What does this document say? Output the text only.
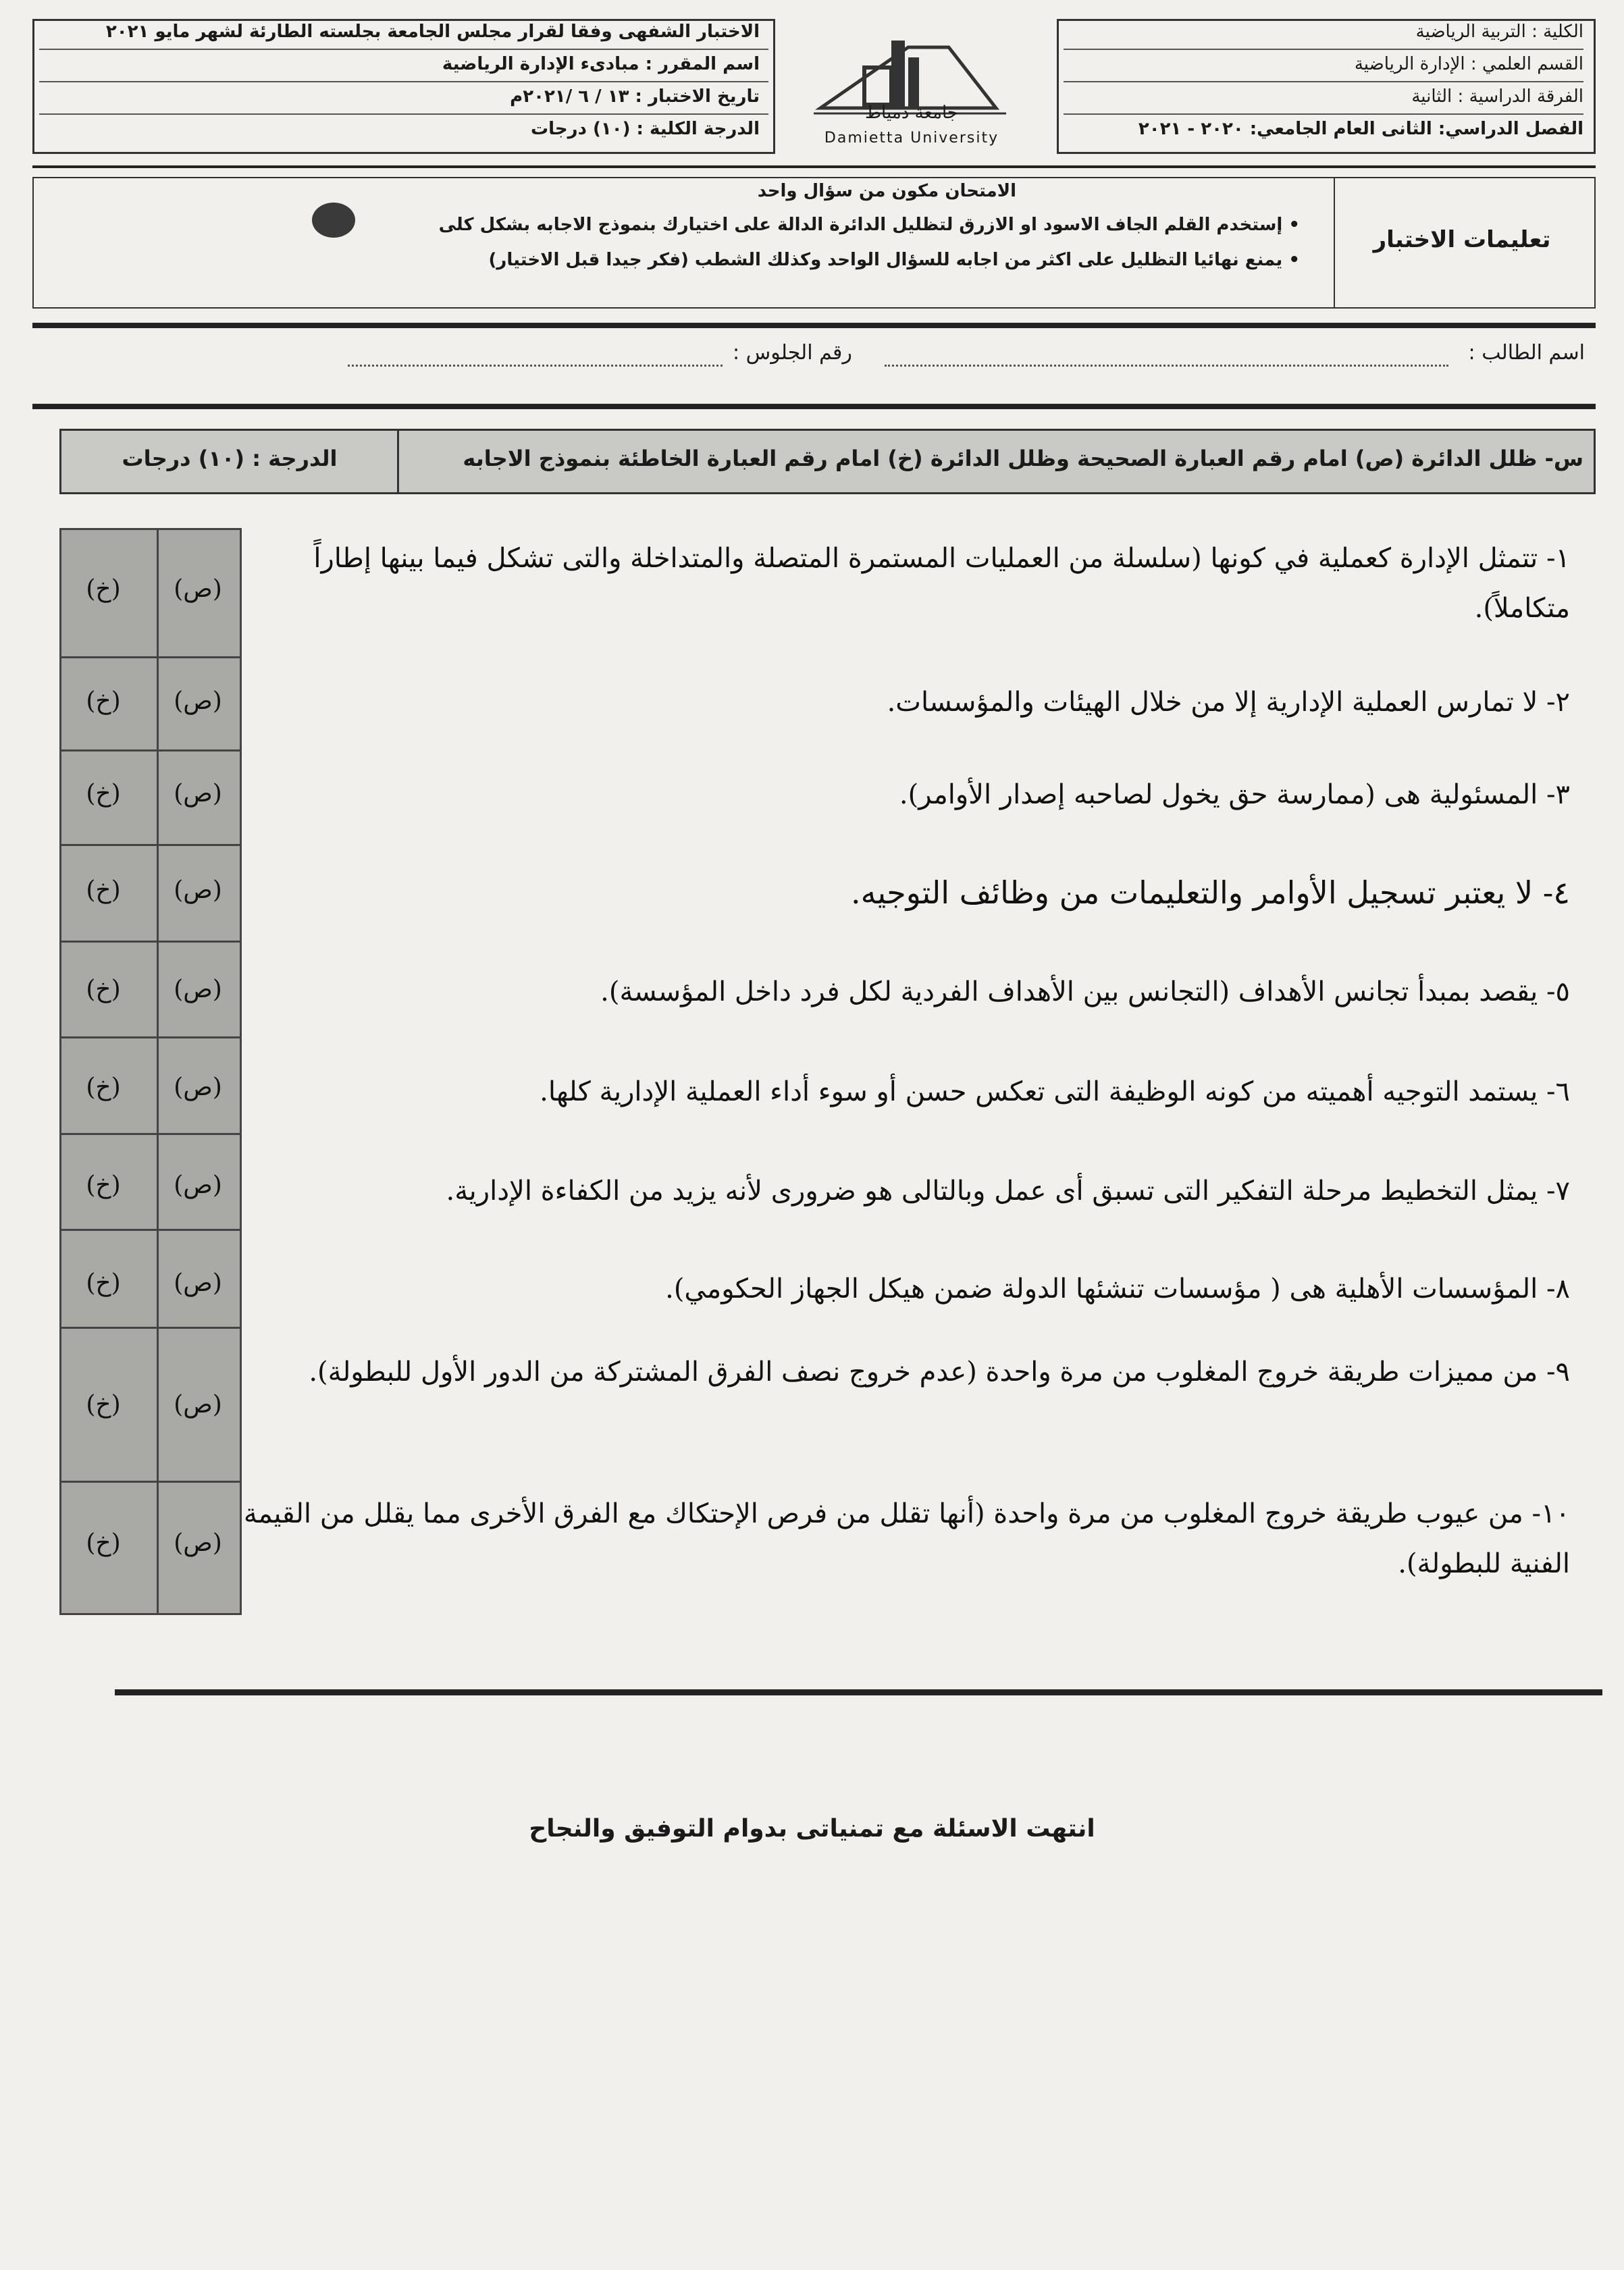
الكلية : التربية الرياضية
القسم العلمي : الإدارة الرياضية
الفرقة الدراسية : الثانية
الفصل الدراسي: الثانى العام الجامعي: ٢٠٢٠ - ٢٠٢١
جامعة دمياط
Damietta University
الاختبار الشفهى وفقا لقرار مجلس الجامعة بجلسته الطارئة لشهر مايو ٢٠٢١
اسم المقرر : مبادىء الإدارة الرياضية
تاريخ الاختبار : ١٣ / ٦ /٢٠٢١م
الدرجة الكلية : (١٠) درجات
تعليمات الاختبار
الامتحان مكون من سؤال واحد
• إستخدم القلم الجاف الاسود او الازرق لتظليل الدائرة الدالة على اختيارك بنموذج الاجابه بشكل كلى
• يمنع نهائيا التظليل على اكثر من اجابه للسؤال الواحد وكذلك الشطب (فكر جيدا قبل الاختيار)
اسم الطالب :
رقم الجلوس :
س- ظلل الدائرة (ص) امام رقم العبارة الصحيحة وظلل الدائرة (خ) امام رقم العبارة الخاطئة بنموذج الاجابه
الدرجة : (١٠) درجات
١- تتمثل الإدارة كعملية في كونها (سلسلة من العمليات المستمرة المتصلة والمتداخلة والتى تشكل فيما بينها إطاراً متكاملاً).
٢- لا تمارس العملية الإدارية إلا من خلال الهيئات والمؤسسات.
٣- المسئولية هى (ممارسة حق يخول لصاحبه إصدار الأوامر).
٤- لا يعتبر تسجيل الأوامر والتعليمات من وظائف التوجيه.
٥- يقصد بمبدأ تجانس الأهداف (التجانس بين الأهداف الفردية لكل فرد داخل المؤسسة).
٦- يستمد التوجيه أهميته من كونه الوظيفة التى تعكس حسن أو سوء أداء العملية الإدارية كلها.
٧- يمثل التخطيط مرحلة التفكير التى تسبق أى عمل وبالتالى هو ضرورى لأنه يزيد من الكفاءة الإدارية.
٨- المؤسسات الأهلية هى ( مؤسسات تنشئها الدولة ضمن هيكل الجهاز الحكومي).
٩- من مميزات طريقة خروج المغلوب من مرة واحدة (عدم خروج نصف الفرق المشتركة من الدور الأول للبطولة).
١٠- من عيوب طريقة خروج المغلوب من مرة واحدة (أنها تقلل من فرص الإحتكاك مع الفرق الأخرى مما يقلل من القيمة الفنية للبطولة).
(ص)
(خ)
(ص)
(خ)
(ص)
(خ)
(ص)
(خ)
(ص)
(خ)
(ص)
(خ)
(ص)
(خ)
(ص)
(خ)
(ص)
(خ)
(ص)
(خ)
انتهت الاسئلة مع تمنياتى بدوام التوفيق والنجاح
